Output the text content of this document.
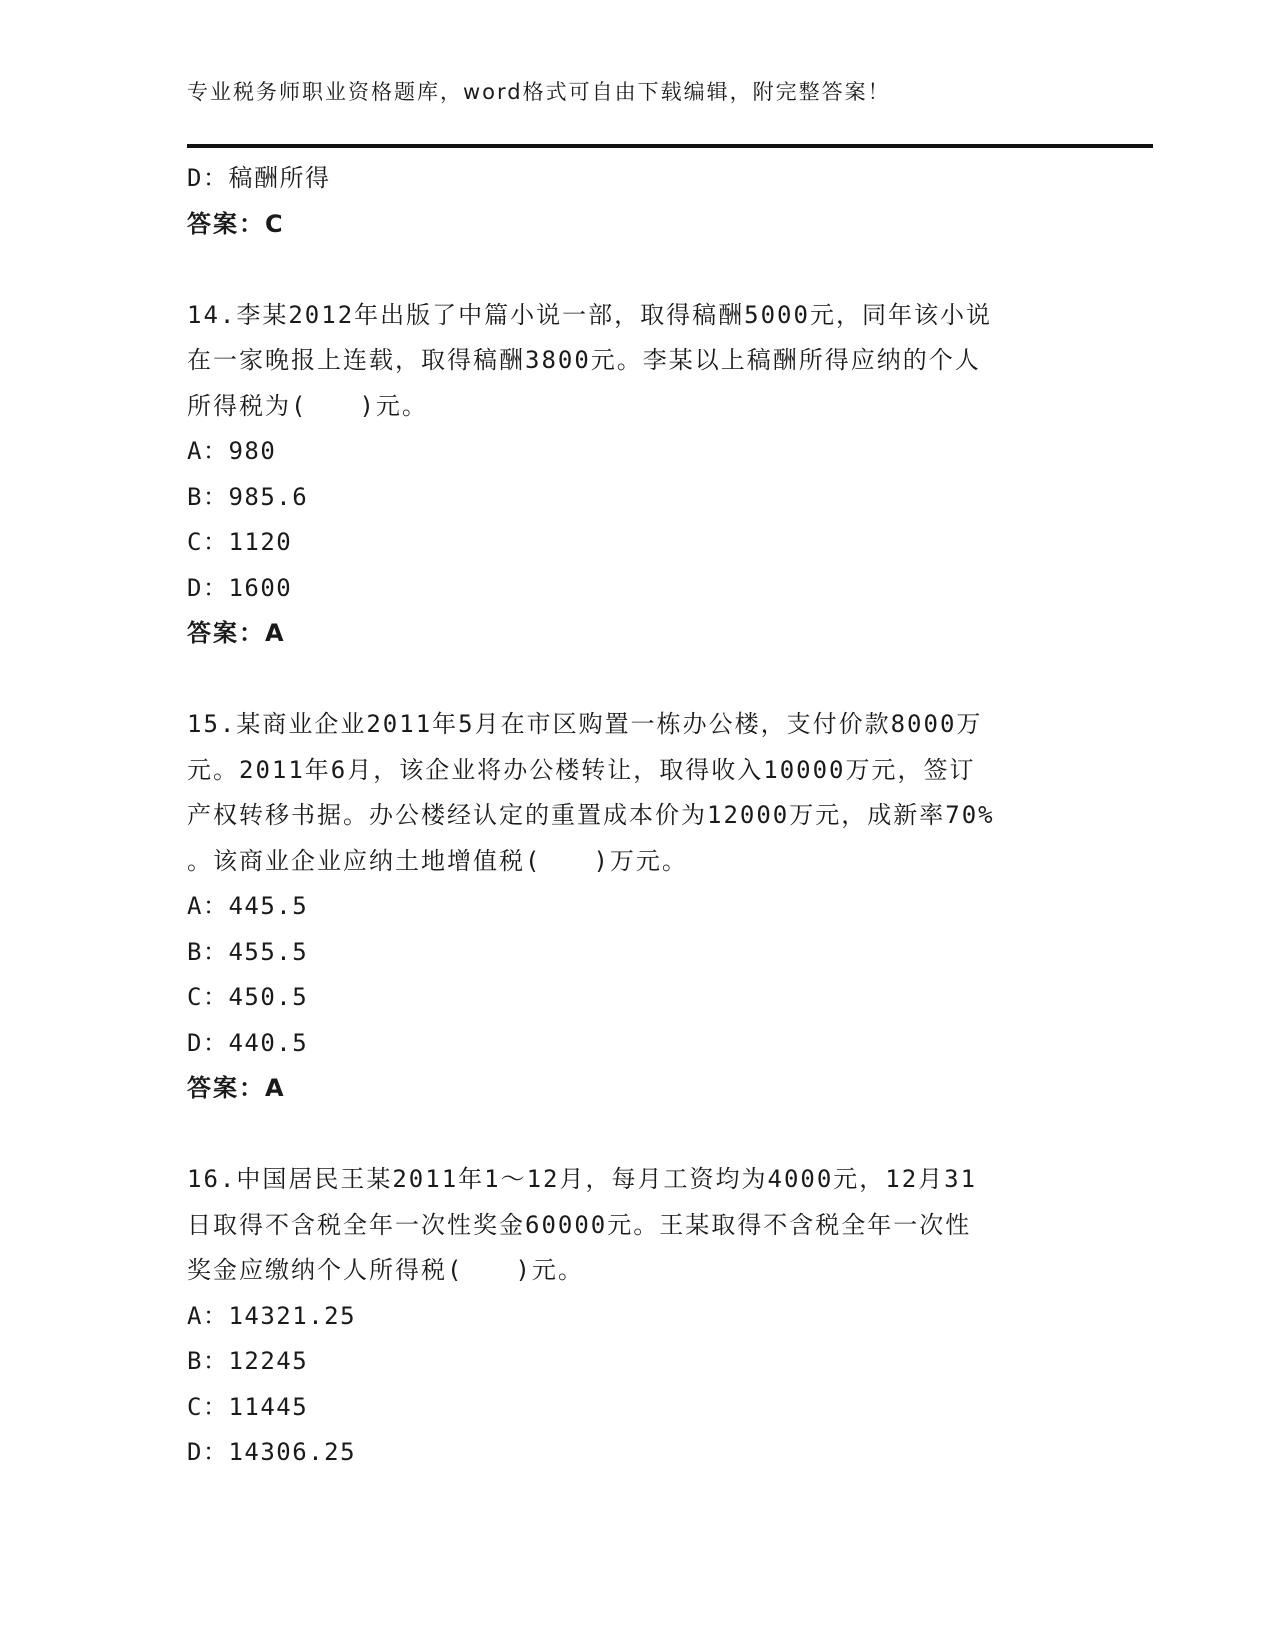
专业税务师职业资格题库，word格式可自由下载编辑，附完整答案！
D：稿酬所得
答案：C
14.李某2012年出版了中篇小说一部，取得稿酬5000元，同年该小说
在一家晚报上连载，取得稿酬3800元。李某以上稿酬所得应纳的个人
所得税为(　　)元。
A：980
B：985.6
C：1120
D：1600
答案：A
15.某商业企业2011年5月在市区购置一栋办公楼，支付价款8000万
元。2011年6月，该企业将办公楼转让，取得收入10000万元，签订
产权转移书据。办公楼经认定的重置成本价为12000万元，成新率70%
。该商业企业应纳土地增值税(　　)万元。
A：445.5
B：455.5
C：450.5
D：440.5
答案：A
16.中国居民王某2011年1～12月，每月工资均为4000元，12月31
日取得不含税全年一次性奖金60000元。王某取得不含税全年一次性
奖金应缴纳个人所得税(　　)元。
A：14321.25
B：12245
C：11445
D：14306.25
